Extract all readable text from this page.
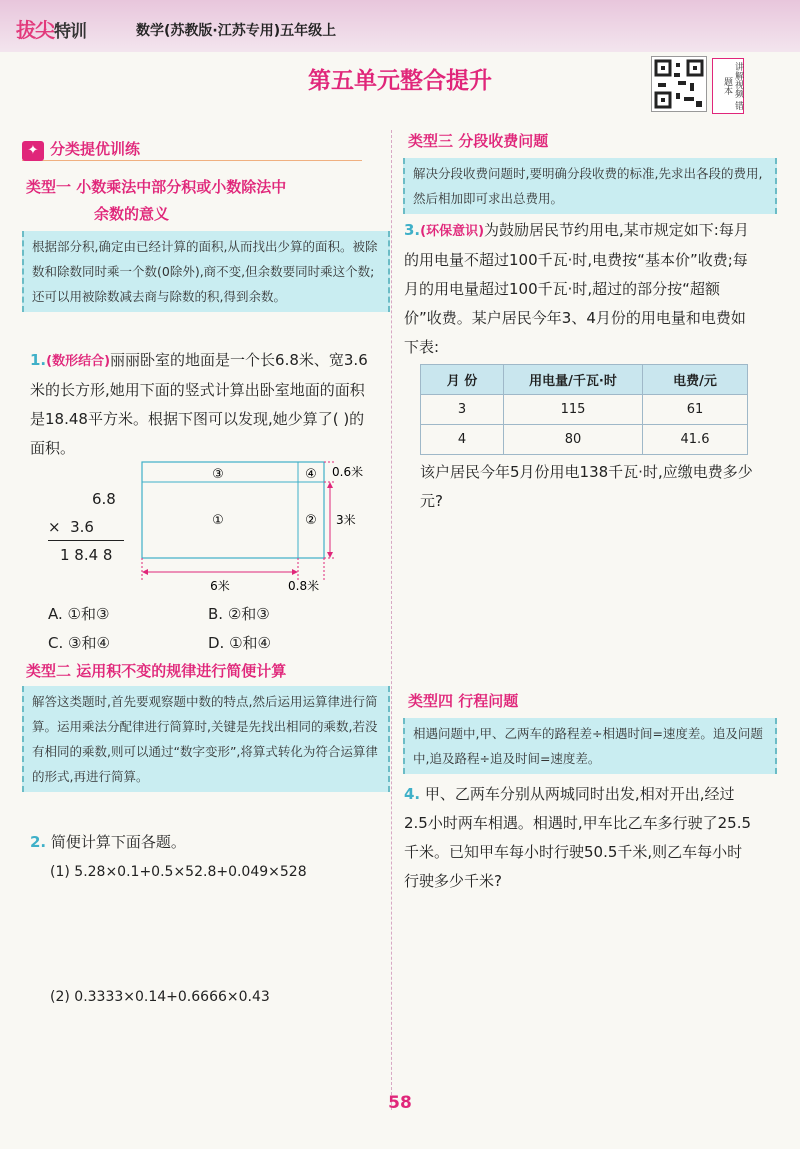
拔尖特训	数学(苏教版·江苏专用)五年级上
第五单元整合提升	讲解视频 错题本
✦ 分类提优训练
类型一 小数乘法中部分积或小数除法中
余数的意义
根据部分积,确定由已经计算的面积,从而找出少算的面积。被除数和除数同时乘一个数(0除外),商不变,但余数要同时乘这个数;还可以用被除数减去商与除数的积,得到余数。
1.(数形结合)丽丽卧室的地面是一个长6.8米、宽3.6米的长方形,她用下面的竖式计算出卧室地面的面积是18.48平方米。根据下图可以发现,她少算了( )的面积。
6.8
×  3.6
1 8.4 8
③	④
①	②
0.6米
3米
6米	0.8米
A. ①和③	B. ②和③
C. ③和④	D. ①和④
类型二 运用积不变的规律进行简便计算
解答这类题时,首先要观察题中数的特点,然后运用运算律进行简算。运用乘法分配律进行简算时,关键是先找出相同的乘数,若没有相同的乘数,则可以通过“数字变形”,将算式转化为符合运算律的形式,再进行简算。
2. 简便计算下面各题。
(1) 5.28×0.1+0.5×52.8+0.049×528
(2) 0.3333×0.14+0.6666×0.43
类型三 分段收费问题
解决分段收费问题时,要明确分段收费的标准,先求出各段的费用,然后相加即可求出总费用。
3.(环保意识)为鼓励居民节约用电,某市规定如下:每月的用电量不超过100千瓦·时,电费按“基本价”收费;每月的用电量超过100千瓦·时,超过的部分按“超额价”收费。某户居民今年3、4月份的用电量和电费如下表:
月 份	用电量/千瓦·时	电费/元
3	115	61
4	80	41.6
该户居民今年5月份用电138千瓦·时,应缴电费多少元?
类型四 行程问题
相遇问题中,甲、乙两车的路程差÷相遇时间=速度差。追及问题中,追及路程÷追及时间=速度差。
4. 甲、乙两车分别从两城同时出发,相对开出,经过2.5小时两车相遇。相遇时,甲车比乙车多行驶了25.5千米。已知甲车每小时行驶50.5千米,则乙车每小时行驶多少千米?
58
